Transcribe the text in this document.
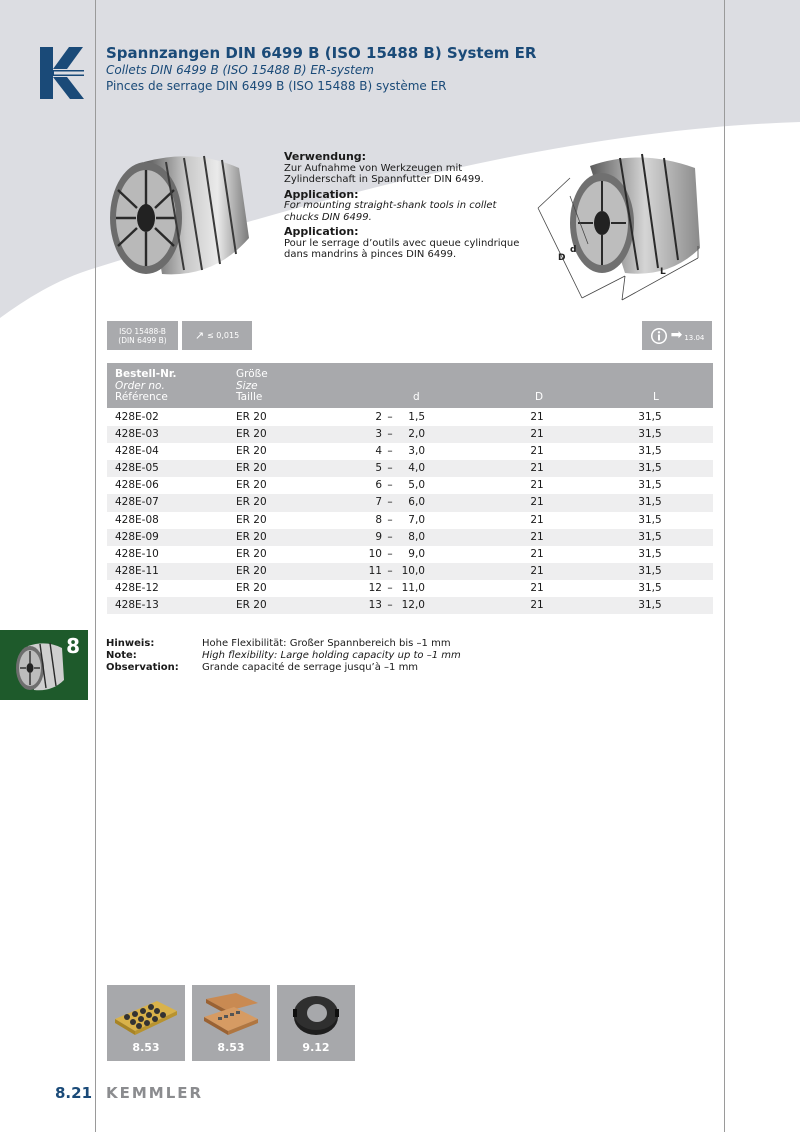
Spannzangen DIN 6499 B (ISO 15488 B) System ER
Collets DIN 6499 B (ISO 15488 B) ER-system
Pinces de serrage DIN 6499 B (ISO 15488 B) système ER
Verwendung:
Zur Aufnahme von Werkzeugen mit Zylinderschaft in Spannfutter DIN 6499.
Application:
For mounting straight-shank tools in collet chucks DIN 6499.
Application:
Pour le serrage d’outils avec queue cylindrique dans mandrins à pinces DIN 6499.	D
d
L
ISO 15488-B
(DIN 6499 B)	↗ ≤ 0,015	➡ 13.04
Bestell-Nr.
Order no.
Référence
Größe
Size
Taille	d	D	L
428E-02	ER 20	2 –	1,5	21	31,5
428E-03	ER 20	3 –	2,0	21	31,5
428E-04	ER 20	4 –	3,0	21	31,5
428E-05	ER 20	5 –	4,0	21	31,5
428E-06	ER 20	6 –	5,0	21	31,5
428E-07	ER 20	7 –	6,0	21	31,5
428E-08	ER 20	8 –	7,0	21	31,5
428E-09	ER 20	9 –	8,0	21	31,5
428E-10	ER 20	10 –	9,0	21	31,5
428E-11	ER 20	11 – 10,0	21	31,5
428E-12	ER 20	12 – 11,0	21	31,5
428E-13	ER 20	13 – 12,0	21	31,5
8	Hinweis:	Hohe Flexibilität: Großer Spannbereich bis –1 mm
Note:	High flexibility: Large holding capacity up to –1 mm
Observation:	Grande capacité de serrage jusqu’à –1 mm
8.53	8.53	9.12
8.21 KEMMLER
